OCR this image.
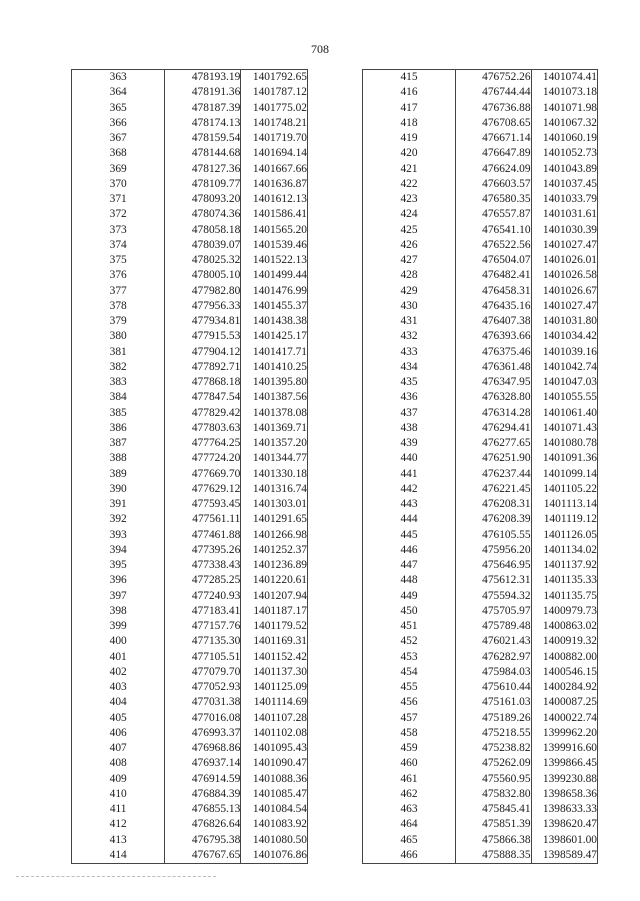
708
363	478193.19	1401792.65
364	478191.36	1401787.12
365	478187.39	1401775.02
366	478174.13	1401748.21
367	478159.54	1401719.70
368	478144.68	1401694.14
369	478127.36	1401667.66
370	478109.77	1401636.87
371	478093.20	1401612.13
372	478074.36	1401586.41
373	478058.18	1401565.20
374	478039.07	1401539.46
375	478025.32	1401522.13
376	478005.10	1401499.44
377	477982.80	1401476.99
378	477956.33	1401455.37
379	477934.81	1401438.38
380	477915.53	1401425.17
381	477904.12	1401417.71
382	477892.71	1401410.25
383	477868.18	1401395.80
384	477847.54	1401387.56
385	477829.42	1401378.08
386	477803.63	1401369.71
387	477764.25	1401357.20
388	477724.20	1401344.77
389	477669.70	1401330.18
390	477629.12	1401316.74
391	477593.45	1401303.01
392	477561.11	1401291.65
393	477461.88	1401266.98
394	477395.26	1401252.37
395	477338.43	1401236.89
396	477285.25	1401220.61
397	477240.93	1401207.94
398	477183.41	1401187.17
399	477157.76	1401179.52
400	477135.30	1401169.31
401	477105.51	1401152.42
402	477079.70	1401137.30
403	477052.93	1401125.09
404	477031.38	1401114.69
405	477016.08	1401107.28
406	476993.37	1401102.08
407	476968.86	1401095.43
408	476937.14	1401090.47
409	476914.59	1401088.36
410	476884.39	1401085.47
411	476855.13	1401084.54
412	476826.64	1401083.92
413	476795.38	1401080.50
414	476767.65	1401076.86
415	476752.26	1401074.41
416	476744.44	1401073.18
417	476736.88	1401071.98
418	476708.65	1401067.32
419	476671.14	1401060.19
420	476647.89	1401052.73
421	476624.09	1401043.89
422	476603.57	1401037.45
423	476580.35	1401033.79
424	476557.87	1401031.61
425	476541.10	1401030.39
426	476522.56	1401027.47
427	476504.07	1401026.01
428	476482.41	1401026.58
429	476458.31	1401026.67
430	476435.16	1401027.47
431	476407.38	1401031.80
432	476393.66	1401034.42
433	476375.46	1401039.16
434	476361.48	1401042.74
435	476347.95	1401047.03
436	476328.80	1401055.55
437	476314.28	1401061.40
438	476294.41	1401071.43
439	476277.65	1401080.78
440	476251.90	1401091.36
441	476237.44	1401099.14
442	476221.45	1401105.22
443	476208.31	1401113.14
444	476208.39	1401119.12
445	476105.55	1401126.05
446	475956.20	1401134.02
447	475646.95	1401137.92
448	475612.31	1401135.33
449	475594.32	1401135.75
450	475705.97	1400979.73
451	475789.48	1400863.02
452	476021.43	1400919.32
453	476282.97	1400882.00
454	475984.03	1400546.15
455	475610.44	1400284.92
456	475161.03	1400087.25
457	475189.26	1400022.74
458	475218.55	1399962.20
459	475238.82	1399916.60
460	475262.09	1399866.45
461	475560.95	1399230.88
462	475832.80	1398658.36
463	475845.41	1398633.33
464	475851.39	1398620.47
465	475866.38	1398601.00
466	475888.35	1398589.47
